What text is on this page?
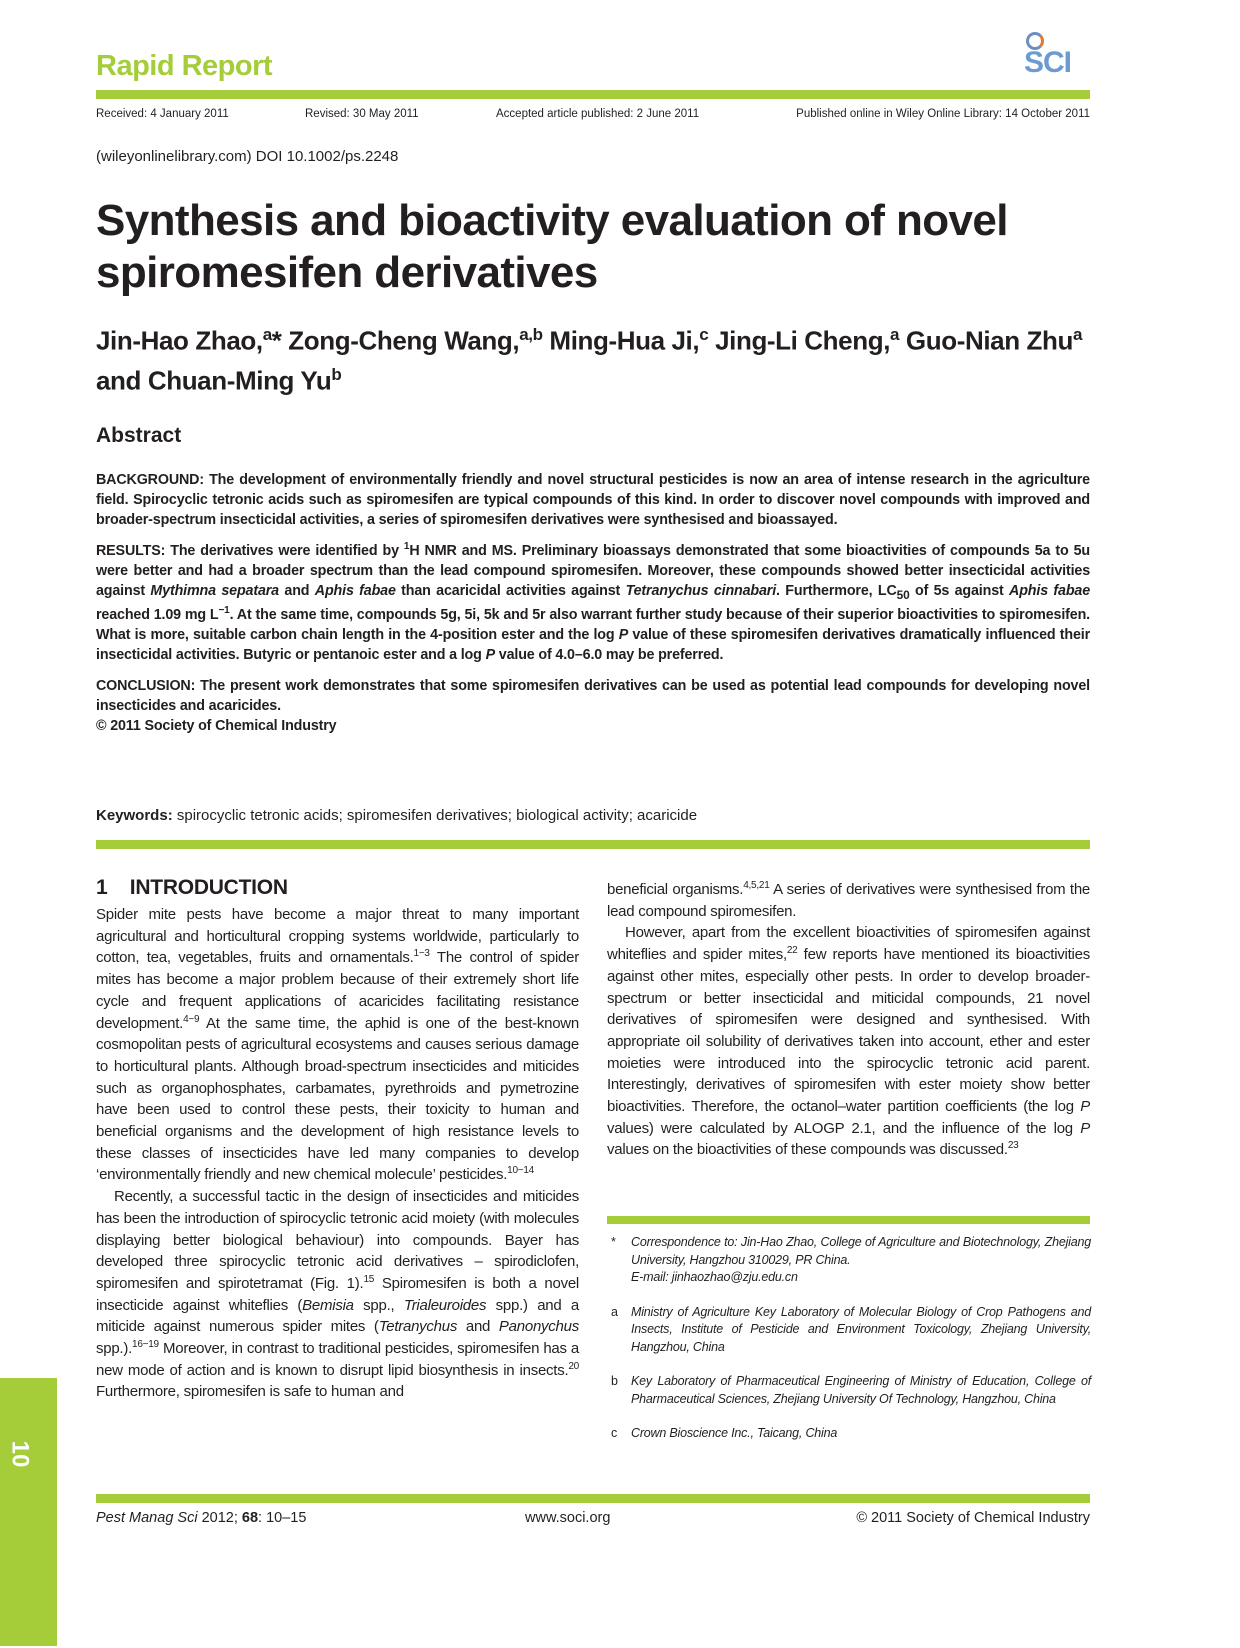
Rapid Report	SCI
Received: 4 January 2011	Revised: 30 May 2011	Accepted article published: 2 June 2011	Published online in Wiley Online Library: 14 October 2011
(wileyonlinelibrary.com) DOI 10.1002/ps.2248
Synthesis and bioactivity evaluation of novel spiromesifen derivatives
Jin-Hao Zhao,$^a$* Zong-Cheng Wang,$^{a,b}$ Ming-Hua Ji,$^c$ Jing-Li Cheng,$^a$ Guo-Nian Zhu$^a$ and Chuan-Ming Yu$^b$
Abstract

BACKGROUND: The development of environmentally friendly and novel structural pesticides is now an area of intense research in the agriculture field. Spirocyclic tetronic acids such as spiromesifen are typical compounds of this kind. In order to discover novel compounds with improved and broader-spectrum insecticidal activities, a series of spiromesifen derivatives were synthesised and bioassayed.

RESULTS: The derivatives were identified by $^1$H NMR and MS. Preliminary bioassays demonstrated that some bioactivities of compounds 5a to 5u were better and had a broader spectrum than the lead compound spiromesifen. Moreover, these compounds showed better insecticidal activities against Mythimna sepatara and Aphis fabae than acaricidal activities against Tetranychus cinnabari. Furthermore, $LC_{50}$ of 5s against Aphis fabae reached 1.09 mg $L^{-1}$. At the same time, compounds 5g, 5i, 5k and 5r also warrant further study because of their superior bioactivities to spiromesifen. What is more, suitable carbon chain length in the 4-position ester and the log P value of these spiromesifen derivatives dramatically influenced their insecticidal activities. Butyric or pentanoic ester and a log P value of 4.0–6.0 may be preferred.

CONCLUSION: The present work demonstrates that some spiromesifen derivatives can be used as potential lead compounds for developing novel insecticides and acaricides.
© 2011 Society of Chemical Industry

Keywords: spirocyclic tetronic acids; spiromesifen derivatives; biological activity; acaricide
1    INTRODUCTION

Spider mite pests have become a major threat to many important agricultural and horticultural cropping systems worldwide, particularly to cotton, tea, vegetables, fruits and ornamentals.$^{1-3}$ The control of spider mites has become a major problem because of their extremely short life cycle and frequent applications of acaricides facilitating resistance development.$^{4-9}$ At the same time, the aphid is one of the best-known cosmopolitan pests of agricultural ecosystems and causes serious damage to horticultural plants. Although broad-spectrum insecticides and miticides such as organophosphates, carbamates, pyrethroids and pymetrozine have been used to control these pests, their toxicity to human and beneficial organisms and the development of high resistance levels to these classes of insecticides have led many companies to develop ‘environmentally friendly and new chemical molecule’ pesticides.$^{10-14}$

Recently, a successful tactic in the design of insecticides and miticides has been the introduction of spirocyclic tetronic acid moiety (with molecules displaying better biological behaviour) into compounds. Bayer has developed three spirocyclic tetronic acid derivatives – spirodiclofen, spiromesifen and spirotetramat (Fig. 1).$^{15}$ Spiromesifen is both a novel insecticide against whiteflies (Bemisia spp., Trialeuroides spp.) and a miticide against numerous spider mites (Tetranychus and Panonychus spp.).$^{16-19}$ Moreover, in contrast to traditional pesticides, spiromesifen has a new mode of action and is known to disrupt lipid biosynthesis in insects.$^{20}$ Furthermore, spiromesifen is safe to human and

beneficial organisms.$^{4,5,21}$ A series of derivatives were synthesised from the lead compound spiromesifen.

However, apart from the excellent bioactivities of spiromesifen against whiteflies and spider mites,$^{22}$ few reports have mentioned its bioactivities against other mites, especially other pests. In order to develop broader-spectrum or better insecticidal and miticidal compounds, 21 novel derivatives of spiromesifen were designed and synthesised. With appropriate oil solubility of derivatives taken into account, ether and ester moieties were introduced into the spirocyclic tetronic acid parent. Interestingly, derivatives of spiromesifen with ester moiety show better bioactivities. Therefore, the octanol–water partition coefficients (the log P values) were calculated by ALOGP 2.1, and the influence of the log P values on the bioactivities of these compounds was discussed.$^{23}$

*	Correspondence to: Jin-Hao Zhao, College of Agriculture and Biotechnology, Zhejiang University, Hangzhou 310029, PR China.
E-mail: jinhaozhao@zju.edu.cn
a	Ministry of Agriculture Key Laboratory of Molecular Biology of Crop Pathogens and Insects, Institute of Pesticide and Environment Toxicology, Zhejiang University, Hangzhou, China
b	Key Laboratory of Pharmaceutical Engineering of Ministry of Education, College of Pharmaceutical Sciences, Zhejiang University Of Technology, Hangzhou, China
c	Crown Bioscience Inc., Taicang, China
10
Pest Manag Sci 2012; 68: 10–15	www.soci.org	© 2011 Society of Chemical Industry
